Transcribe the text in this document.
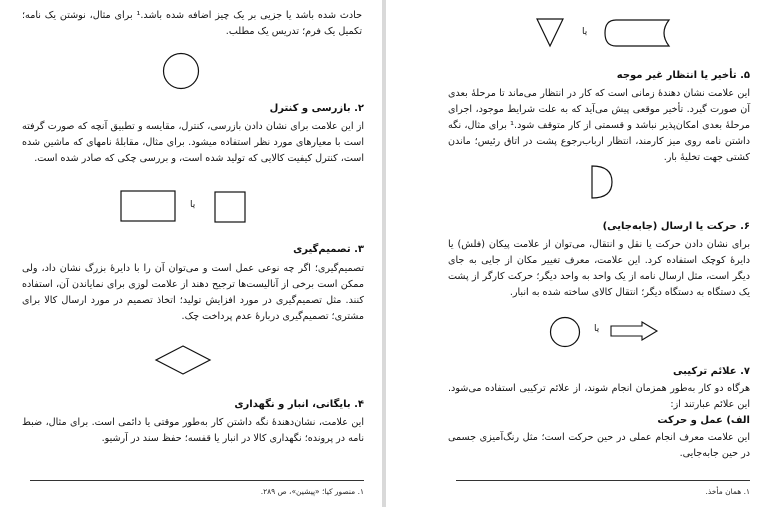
حادث شده باشد یا جزیی بر یک چیز اضافه شده باشد.¹ برای مثال، نوشتن یک نامه؛ تکمیل یک فرم؛ تدریس یک مطلب.
۲. بازرسی و کنترل
از این علامت برای نشان دادن بازرسی، کنترل، مقایسه و تطبیق آنچه که صورت گرفته است با معیارهای مورد نظر استفاده میشود. برای مثال، مقابلهٔ نامهای که ماشین شده است، کنترل کیفیت کالایی که تولید شده است، و بررسی چکی که صادر شده است.
یا
۳. تصمیم‌گیری
تصمیم‌گیری؛ اگر چه نوعی عمل است و می‌توان آن را با دایرهٔ بزرگ نشان داد، ولی ممکن است برخی از آنالیست‌ها ترجیح دهند از علامت لوزی برای نمایاندن آن، استفاده کنند. مثل تصمیم‌گیری در مورد افزایش تولید؛ اتخاذ تصمیم در مورد ارسال کالا برای مشتری؛ تصمیم‌گیری دربارهٔ عدم پرداخت چک.
۴. بایگانی، انبار و نگهداری
این علامت، نشان‌دهندهٔ نگه داشتن کار به‌طور موقتی یا دائمی است. برای مثال، ضبط نامه در پرونده؛ نگهداری کالا در انبار یا قفسه؛ حفظ سند در آرشیو.
۱. منصور کیا؛ «پیشین»، ص ۲۸۹.
یا
۵. تأخیر یا انتظار غیر موجه
این علامت نشان دهندهٔ زمانی است که کار در انتظار می‌ماند تا مرحلهٔ بعدی آن صورت گیرد. تأخیر موقعی پیش می‌آید که به علت شرایط موجود، اجرای مرحلهٔ بعدی امکان‌پذیر نباشد و قسمتی از کار متوقف شود.¹ برای مثال، نگه داشتن نامه روی میز کارمند، انتظار ارباب‌رجوع پشت در اتاق رئیس؛ ماندن کشتی جهت تخلیهٔ بار.
۶. حرکت یا ارسال (جابه‌جایی)
برای نشان دادن حرکت یا نقل و انتقال، می‌توان از علامت پیکان (فلش) یا دایرهٔ کوچک استفاده کرد. این علامت، معرف تغییر مکان از جایی به جای دیگر است، مثل ارسال نامه از یک واحد به واحد دیگر؛ حرکت کارگر از پشت یک دستگاه به دستگاه دیگر؛ انتقال کالای ساخته شده به انبار.
یا
۷. علائم ترکیبی
هرگاه دو کار به‌طور همزمان انجام شوند، از علائم ترکیبی استفاده می‌شود. این علائم عبارتند از:
الف) عمل و حرکت
این علامت معرف انجام عملی در حین حرکت است؛ مثل رنگ‌آمیزی جسمی در حین جابه‌جایی.
۱. همان مأخذ.
